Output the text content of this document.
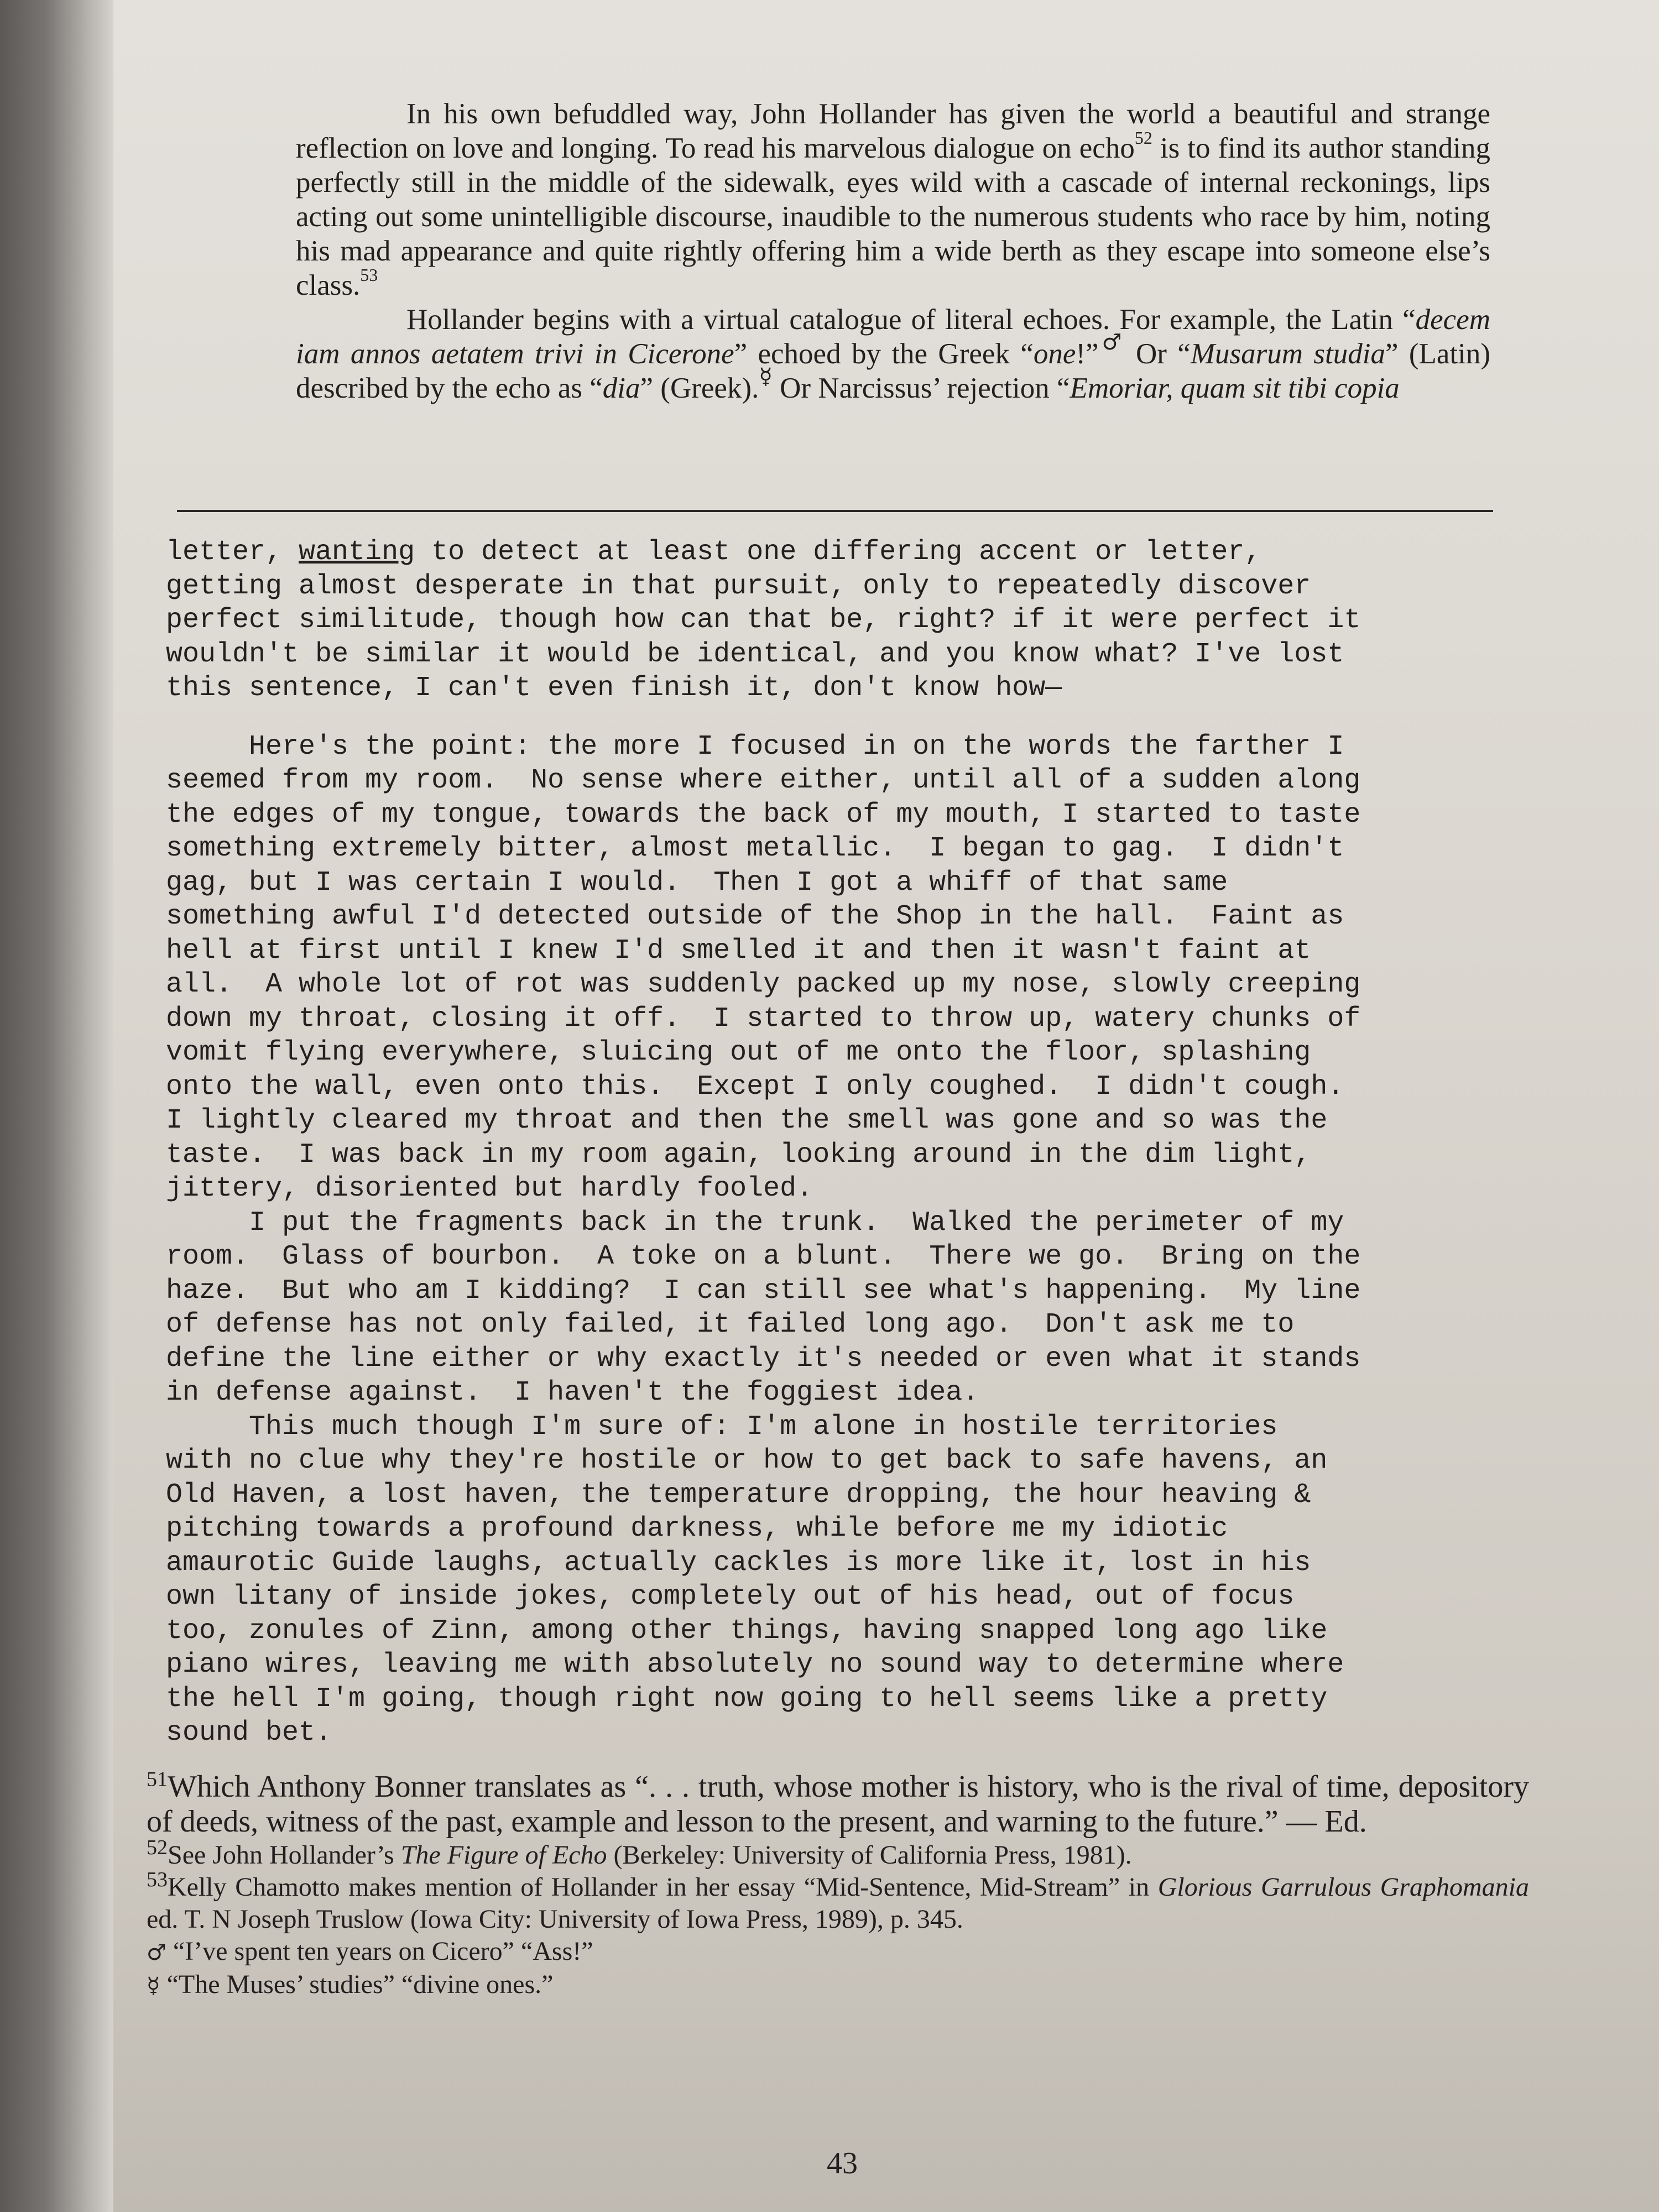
In his own befuddled way, John Hollander has given the world a beautiful and strange reflection on love and longing. To read his marvelous dialogue on echo$^{52}$ is to find its author standing perfectly still in the middle of the sidewalk, eyes wild with a cascade of internal reckonings, lips acting out some unintelligible discourse, inaudible to the numerous students who race by him, noting his mad appearance and quite rightly offering him a wide berth as they escape into someone else’s class.$^{53}$

Hollander begins with a virtual catalogue of literal echoes. For example, the Latin “decem iam annos aetatem trivi in Cicerone” echoed by the Greek “one!”♂ Or “Musarum studia” (Latin) described by the echo as “dia” (Greek).☿ Or Narcissus’ rejection “Emoriar, quam sit tibi copia

letter, wanting to detect at least one differing accent or letter,
getting almost desperate in that pursuit, only to repeatedly discover
perfect similitude, though how can that be, right? if it were perfect it
wouldn't be similar it would be identical, and you know what? I've lost
this sentence, I can't even finish it, don't know how—
Here's the point: the more I focused in on the words the farther I
seemed from my room.  No sense where either, until all of a sudden along
the edges of my tongue, towards the back of my mouth, I started to taste
something extremely bitter, almost metallic.  I began to gag.  I didn't
gag, but I was certain I would.  Then I got a whiff of that same
something awful I'd detected outside of the Shop in the hall.  Faint as
hell at first until I knew I'd smelled it and then it wasn't faint at
all.  A whole lot of rot was suddenly packed up my nose, slowly creeping
down my throat, closing it off.  I started to throw up, watery chunks of
vomit flying everywhere, sluicing out of me onto the floor, splashing
onto the wall, even onto this.  Except I only coughed.  I didn't cough.
I lightly cleared my throat and then the smell was gone and so was the
taste.  I was back in my room again, looking around in the dim light,
jittery, disoriented but hardly fooled.
I put the fragments back in the trunk.  Walked the perimeter of my
room.  Glass of bourbon.  A toke on a blunt.  There we go.  Bring on the
haze.  But who am I kidding?  I can still see what's happening.  My line
of defense has not only failed, it failed long ago.  Don't ask me to
define the line either or why exactly it's needed or even what it stands
in defense against.  I haven't the foggiest idea.
This much though I'm sure of: I'm alone in hostile territories
with no clue why they're hostile or how to get back to safe havens, an
Old Haven, a lost haven, the temperature dropping, the hour heaving &
pitching towards a profound darkness, while before me my idiotic
amaurotic Guide laughs, actually cackles is more like it, lost in his
own litany of inside jokes, completely out of his head, out of focus
too, zonules of Zinn, among other things, having snapped long ago like
piano wires, leaving me with absolutely no sound way to determine where
the hell I'm going, though right now going to hell seems like a pretty
sound bet.

$^{51}$Which Anthony Bonner translates as “. . . truth, whose mother is history, who is the rival of time, depository of deeds, witness of the past, example and lesson to the present, and warning to the future.” — Ed.

$^{52}$See John Hollander’s The Figure of Echo (Berkeley: University of California Press, 1981).

$^{53}$Kelly Chamotto makes mention of Hollander in her essay “Mid-Sentence, Mid-Stream” in Glorious Garrulous Graphomania ed. T. N Joseph Truslow (Iowa City: University of Iowa Press, 1989), p. 345.

♂ “I’ve spent ten years on Cicero” “Ass!”

☿ “The Muses’ studies” “divine ones.”

43
